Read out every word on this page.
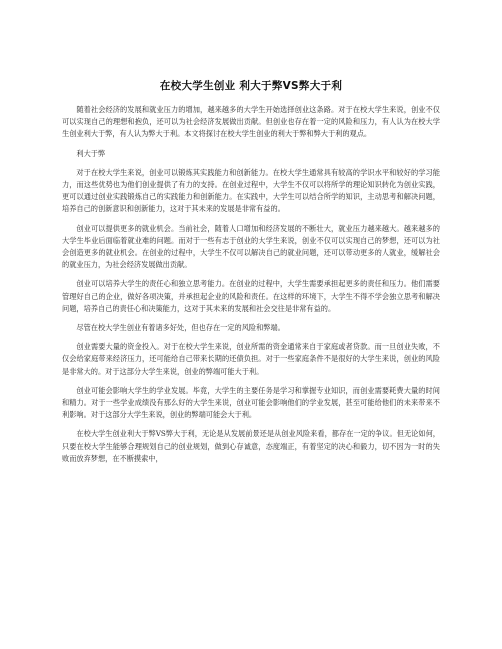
在校大学生创业 利大于弊VS弊大于利

随着社会经济的发展和就业压力的增加，越来越多的大学生开始选择创业这条路。对于在校大学生来说，创业不仅可以实现自己的理想和抱负，还可以为社会经济发展做出贡献。但创业也存在着一定的风险和压力，有人认为在校大学生创业利大于弊，有人认为弊大于利。本文将探讨在校大学生创业的利大于弊和弊大于利的观点。

利大于弊

对于在校大学生来说，创业可以锻炼其实践能力和创新能力。在校大学生通常具有较高的学识水平和较好的学习能力，而这些优势也为他们创业提供了有力的支持。在创业过程中，大学生不仅可以将所学的理论知识转化为创业实践，更可以通过创业实践锻炼自己的实践能力和创新能力。在实践中，大学生可以结合所学的知识，主动思考和解决问题，培养自己的创新意识和创新能力，这对于其未来的发展是非常有益的。

创业可以提供更多的就业机会。当前社会，随着人口增加和经济发展的不断壮大，就业压力越来越大。越来越多的大学生毕业后面临着就业难的问题。而对于一些有志于创业的大学生来说，创业不仅可以实现自己的梦想，还可以为社会创造更多的就业机会。在创业的过程中，大学生不仅可以解决自己的就业问题，还可以带动更多的人就业，缓解社会的就业压力，为社会经济发展做出贡献。

创业可以培养大学生的责任心和独立思考能力。在创业的过程中，大学生需要承担起更多的责任和压力。他们需要管理好自己的企业，做好各项决策，并承担起企业的风险和责任。在这样的环境下，大学生不得不学会独立思考和解决问题，培养自己的责任心和决策能力，这对于其未来的发展和社会交往是非常有益的。

尽管在校大学生创业有着诸多好处，但也存在一定的风险和弊端。

创业需要大量的资金投入。对于在校大学生来说，创业所需的资金通常来自于家庭或者贷款。而一旦创业失败，不仅会给家庭带来经济压力，还可能给自己带来长期的还债负担。对于一些家庭条件不是很好的大学生来说，创业的风险是非常大的。对于这部分大学生来说，创业的弊端可能大于利。

创业可能会影响大学生的学业发展。毕竟，大学生的主要任务是学习和掌握专业知识，而创业需要耗费大量的时间和精力。对于一些学业成绩没有那么好的大学生来说，创业可能会影响他们的学业发展，甚至可能给他们的未来带来不利影响。对于这部分大学生来说，创业的弊端可能会大于利。

在校大学生创业利大于弊VS弊大于利，无论是从发展前景还是从创业风险来看，都存在一定的争议。但无论如何，只要在校大学生能够合理规划自己的创业规划，做到心存诚意，态度端正，有着坚定的决心和毅力，切不因为一时的失败而放弃梦想，在不断摸索中，
